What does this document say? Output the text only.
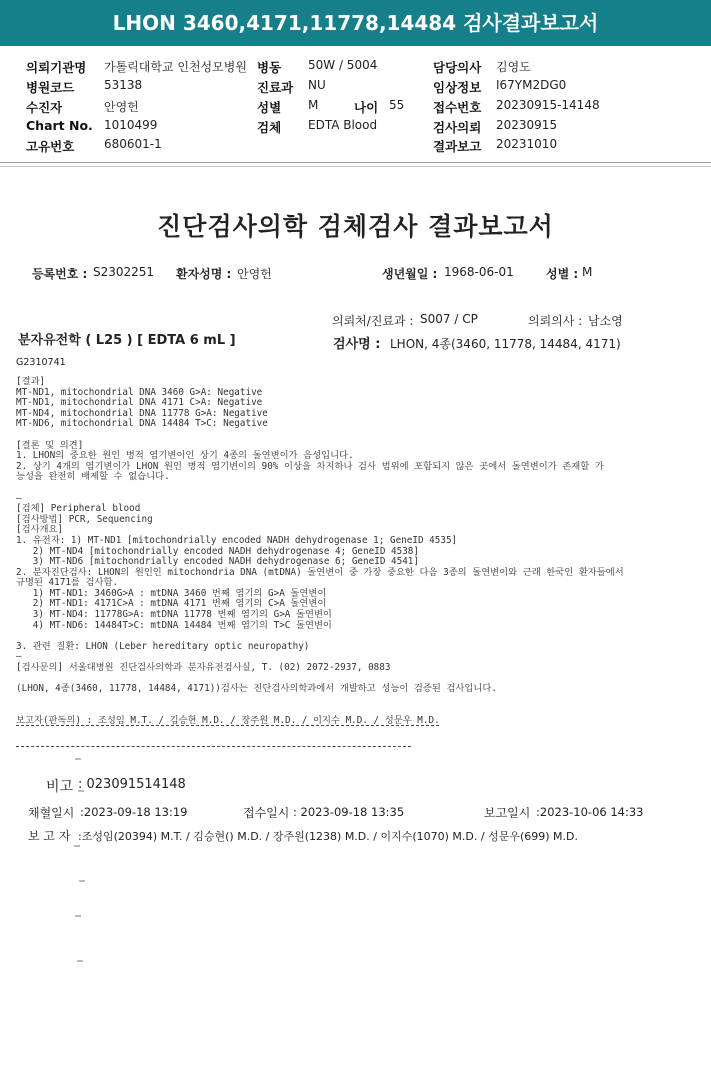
LHON 3460,4171,11778,14484 검사결과보고서
의뢰기관명 가톨릭대학교 인천성모병원 병동 50W / 5004	담당의사 김영도
병원코드 53138	진료과 NU	임상정보 I67YM2DG0
수진자	안영헌	성별 M	나이 55 접수번호 20230915-14148
Chart No. 1010499	검체 EDTA Blood	검사의뢰 20230915
고유번호 680601-1	결과보고 20231010
진단검사의학 검체검사 결과보고서
등록번호 : S2302251 환자성명 : 안영헌	생년월일 : 1968-06-01	성별 : M
의뢰처/진료과 : S007 / CP	의뢰의사 : 남소영
분자유전학 ( L25 ) [ EDTA 6 mL ]	검사명 : LHON, 4종(3460, 11778, 14484, 4171)
G2310741
[결과]
MT-ND1, mitochondrial DNA 3460 G>A: Negative
MT-ND1, mitochondrial DNA 4171 C>A: Negative
MT-ND4, mitochondrial DNA 11778 G>A: Negative
MT-ND6, mitochondrial DNA 14484 T>C: Negative
[결론 및 의견]
1. LHON의 중요한 원인 병적 염기변이인 상기 4종의 돌연변이가 음성입니다.
2. 상기 4개의 염기변이가 LHON 원인 병적 염기변이의 90% 이상을 차지하나 검사 범위에 포함되지 않은 곳에서 돌연변이가 존재할 가
능성을 완전히 배제할 수 없습니다.
—
[검체] Peripheral blood
[검사방법] PCR, Sequencing
[검사개요]
1. 유전자: 1) MT-ND1 [mitochondrially encoded NADH dehydrogenase 1; GeneID 4535]
2) MT-ND4 [mitochondrially encoded NADH dehydrogenase 4; GeneID 4538]
3) MT-ND6 [mitochondrially encoded NADH dehydrogenase 6; GeneID 4541]
2. 분자진단검사: LHON의 원인인 mitochondria DNA (mtDNA) 돌연변이 중 가장 중요한 다음 3종의 돌연변이와 근래 한국인 환자들에서
규명된 4171를 검사함.
1) MT-ND1: 3460G>A : mtDNA 3460 번째 염기의 G>A 돌연변이
2) MT-ND1: 4171C>A : mtDNA 4171 번째 염기의 C>A 돌연변이
3) MT-ND4: 11778G>A: mtDNA 11778 번째 염기의 G>A 돌연변이
4) MT-ND6: 14484T>C: mtDNA 14484 번째 염기의 T>C 돌연변이
3. 관련 질환: LHON (Leber hereditary optic neuropathy)
—
[검사문의] 서울대병원 진단검사의학과 분자유전검사실, T. (02) 2072-2937, 0883
(LHON, 4종(3460, 11778, 14484, 4171))검사는 진단검사의학과에서 개발하고 성능이 검증된 검사입니다.
보고자(판독의) : 조성임 M.T. / 김승현 M.D. / 장주원 M.D. / 이지수 M.D. / 성문우 M.D.
비고 : 023091514148
채혈일시 :2023-09-18 13:19	접수일시 : 2023-09-18 13:35	보고일시 :2023-10-06 14:33
보 고 자 :조성임(20394) M.T. / 김승현() M.D. / 장주원(1238) M.D. / 이지수(1070) M.D. / 성문우(699) M.D.
